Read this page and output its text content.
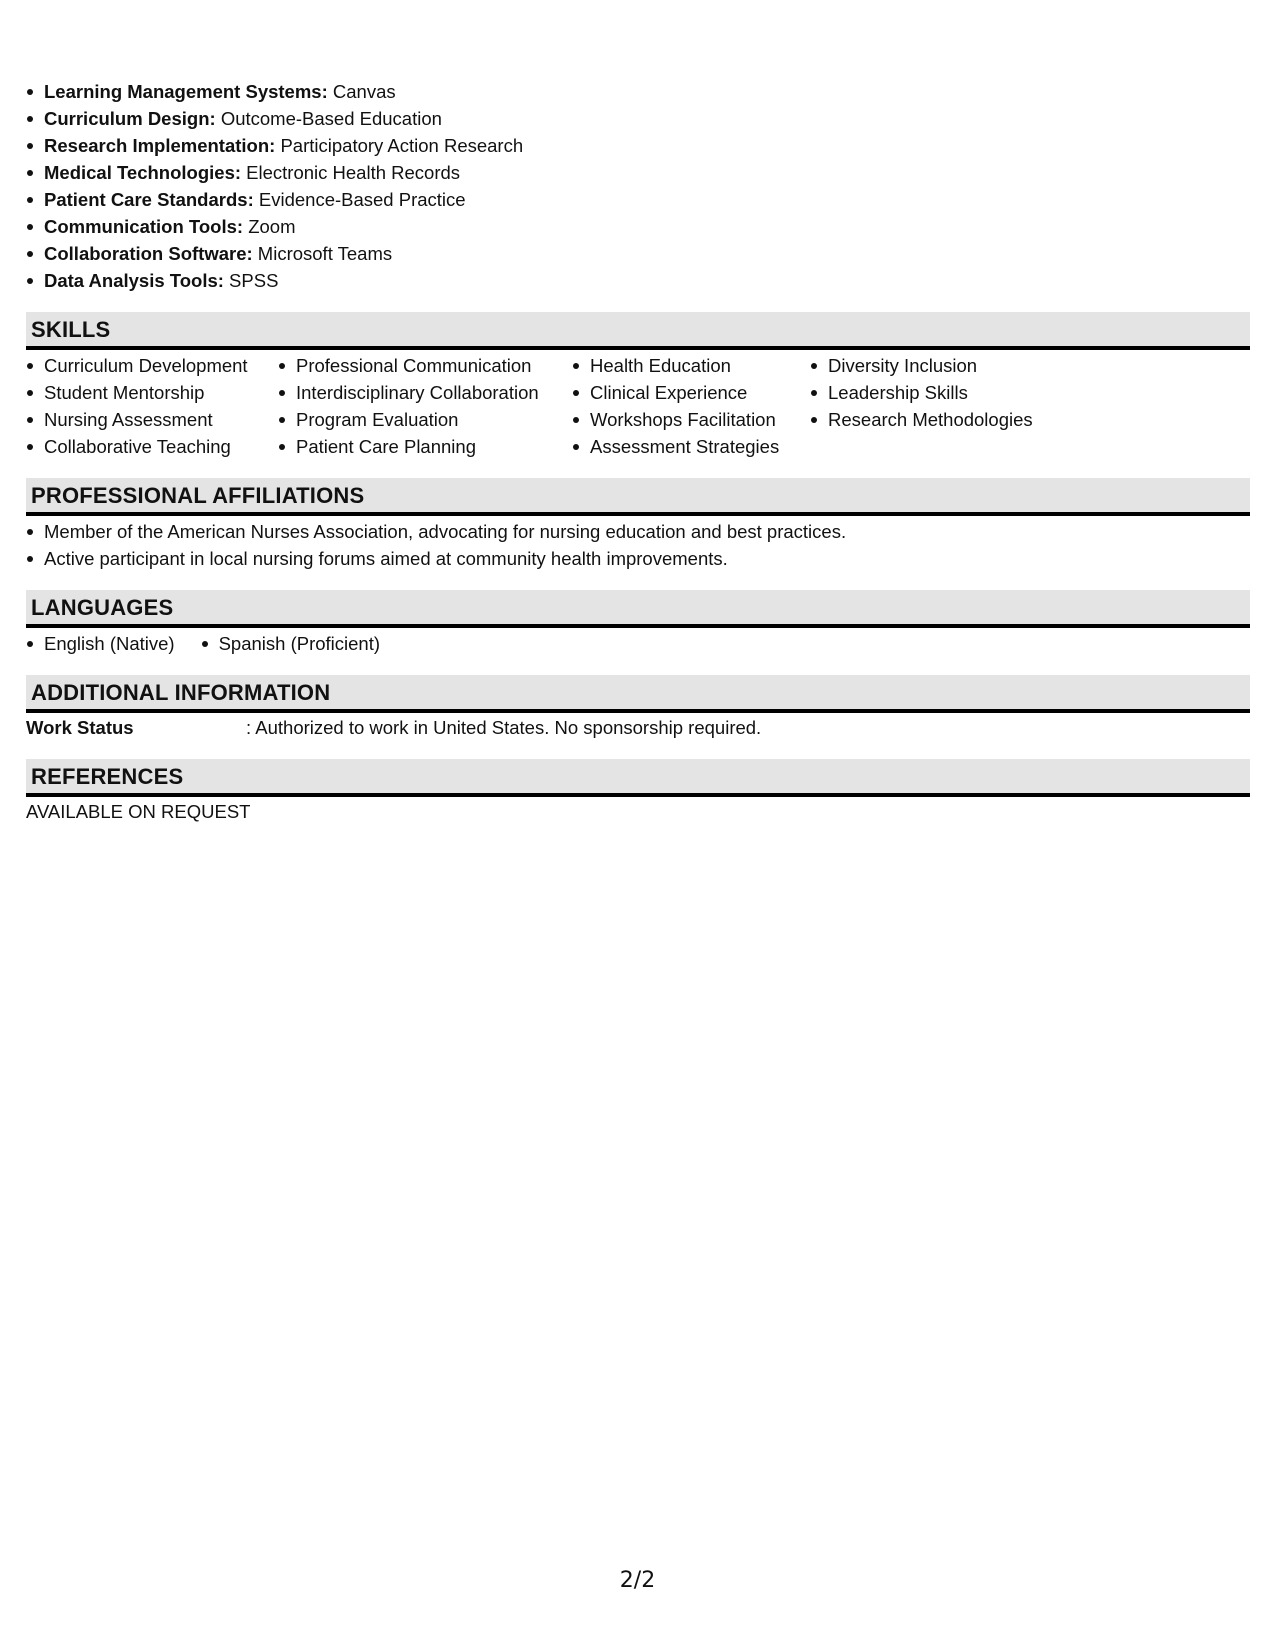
Learning Management Systems: Canvas
Curriculum Design: Outcome-Based Education
Research Implementation: Participatory Action Research
Medical Technologies: Electronic Health Records
Patient Care Standards: Evidence-Based Practice
Communication Tools: Zoom
Collaboration Software: Microsoft Teams
Data Analysis Tools: SPSS
SKILLS
Curriculum Development
Student Mentorship
Nursing Assessment
Collaborative Teaching
Professional Communication
Interdisciplinary Collaboration
Program Evaluation
Patient Care Planning
Health Education
Clinical Experience
Workshops Facilitation
Assessment Strategies
Diversity Inclusion
Leadership Skills
Research Methodologies
PROFESSIONAL AFFILIATIONS
Member of the American Nurses Association, advocating for nursing education and best practices.
Active participant in local nursing forums aimed at community health improvements.
LANGUAGES
English (Native)	Spanish (Proficient)
ADDITIONAL INFORMATION
Work Status	: Authorized to work in United States. No sponsorship required.
REFERENCES
AVAILABLE ON REQUEST
2/2
